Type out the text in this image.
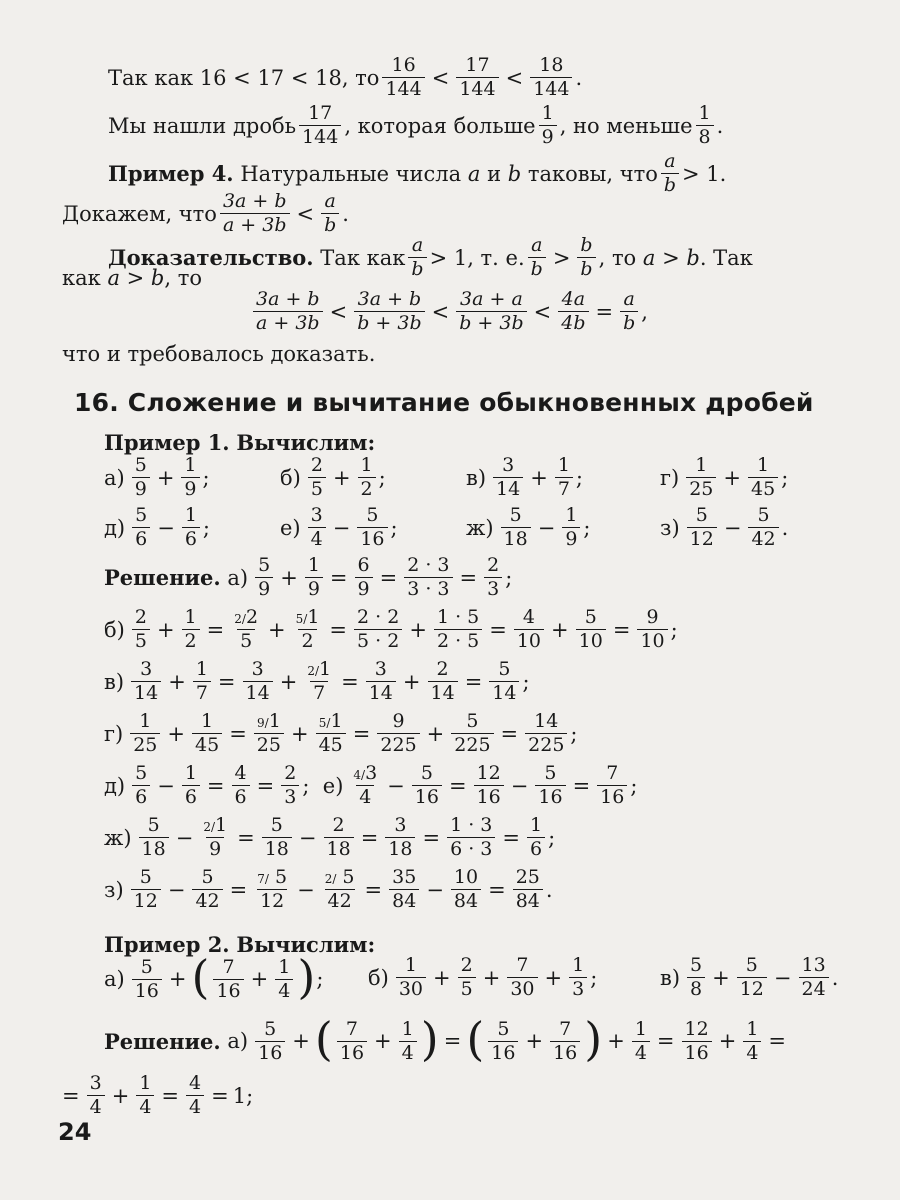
Так как 16 < 17 < 18, то $\frac{16}{144} < \frac{17}{144} < \frac{18}{144}$ .
Мы нашли дробь $\frac{17}{144}$ , которая больше $\frac{1}{9}$ , но меньше $\frac{1}{8}$ .
Пример 4.
Натуральные числа
a
и
b
таковы, что $\frac{a}{b} > 1$.
Докажем, что $\frac{3a + b}{a + 3b} < \frac{a}{b}$ .
Доказательство.
Так как $\frac{a}{b} > 1$, т. е. $\frac{a}{b} > \frac{b}{b}$ , то
a > b . Так
как
a > b , то
$\frac{3a + b}{a + 3b} < \frac{3a + b}{b + 3b} < \frac{3a + a}{b + 3b} < \frac{4a}{4b} = \frac{a}{b}$ ,
что и требовалось доказать.
16. Сложение и вычитание обыкновенных дробей
Пример 1.
Вычислим:
$а) \frac{5}{9} + \frac{1}{9}$ ;	$б) \frac{2}{5} + \frac{1}{2}$ ;	$в) \frac{3}{14} + \frac{1}{7}$ ;	$г) \frac{1}{25} + \frac{1}{45}$ ;
$д) \frac{5}{6} - \frac{1}{6}$ ;	$е) \frac{3}{4} - \frac{5}{16}$ ;	$ж) \frac{5}{18} - \frac{1}{9}$ ;	$з) \frac{5}{12} - \frac{5}{42}$ .
Решение.
$а) \frac{5}{9} + \frac{1}{9} = \frac{6}{9} = \frac{2 \cdot 3}{3 \cdot 3} = \frac{2}{3}$ ;
$б) \frac{2}{5} + \frac{1}{2} = \frac{2/2}{5} + \frac{5/1}{2} = \frac{2 \cdot 2}{5 \cdot 2} + \frac{1 \cdot 5}{2 \cdot 5} = \frac{4}{10} + \frac{5}{10} = \frac{9}{10}$ ;
$в) \frac{3}{14} + \frac{1}{7} = \frac{3}{14} + \frac{2/1}{7} = \frac{3}{14} + \frac{2}{14} = \frac{5}{14}$ ;
$г) \frac{1}{25} + \frac{1}{45} = \frac{9/1}{25} + \frac{5/1}{45} = \frac{9}{225} + \frac{5}{225} = \frac{14}{225}$ ;
$д) \frac{5}{6} - \frac{1}{6} = \frac{4}{6} = \frac{2}{3}$ ; $е) \frac{4/3}{4} - \frac{5}{16} = \frac{12}{16} - \frac{5}{16} = \frac{7}{16}$ ;
$ж) \frac{5}{18} - \frac{2/1}{9} = \frac{5}{18} - \frac{2}{18} = \frac{3}{18} = \frac{1 \cdot 3}{6 \cdot 3} = \frac{1}{6}$ ;
$з) \frac{5}{12} - \frac{5}{42} = \frac{7/ 5}{12} - \frac{2/ 5}{42} = \frac{35}{84} - \frac{10}{84} = \frac{25}{84}$ .
Пример 2.
Вычислим:
$а) \frac{5}{16}$ + ( $\frac{7}{16} + \frac{1}{4}$ ) ; $б) \frac{1}{30} + \frac{2}{5} + \frac{7}{30} + \frac{1}{3}$ ;	$в) \frac{5}{8} + \frac{5}{12} - \frac{13}{24}$ .
Решение.
$а) \frac{5}{16}$ + ( $\frac{7}{16} + \frac{1}{4}$ ) = ( $\frac{5}{16} + \frac{7}{16}$ ) + $\frac{1}{4} = \frac{12}{16} + \frac{1}{4}$ =
= $\frac{3}{4} + \frac{1}{4} = \frac{4}{4} = 1$;
24
